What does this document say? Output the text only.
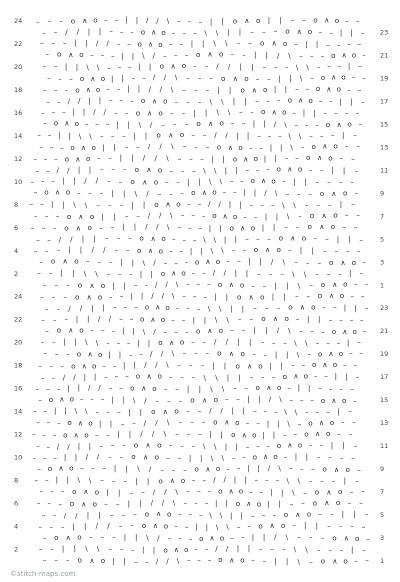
24
22
20
18
16
14
12
10
8
6
4
2
24
22
20
18
16
14
12
10
8
6
4
2
23
21
19
17
15
13
11
9
7
5
3
1
23
21
19
17
15
13
11
9
7
5
3
1
– – – o ∧ o – – | | / / \ – – – | | o ∧ o | | – – o ∧ o – –
– – / / | | – – – o ∧ o – – – \ \ | | – – – o ∧ o – – | | –
– – – | | / / – – o ∧ o – – | | \ \ – – o ∧ o – | | – – – –
– o ∧ o – – – | | \ / – – – o ∧ o – – | | / \ – – – o ∧ o –
– – | | \ \ – – – | | o ∧ o – – / / | | – – – \ \ – – – | –
– – – o ∧ o | | – – / / \ – – – o ∧ o – – | | \ – o ∧ o – –
– – – o ∧ o – – | | / / \ – – – | | o ∧ o | | – – o ∧ o – –
– – / / | | – – – o ∧ o – – – \ \ | | – – – o ∧ o – – | | –
– – – | | / / – – o ∧ o – – | | \ \ – – o ∧ o – | | – – – –
– o ∧ o – – – | | \ / – – – o ∧ o – – | | / \ – – – o ∧ o –
– – | | \ \ – – – | | o ∧ o – – / / | | – – – \ \ – – – | –
– – – o ∧ o | | – – / / \ – – – o ∧ o – – | | \ – o ∧ o – –
– – – o ∧ o – – | | / / \ – – – | | o ∧ o | | – – o ∧ o – –
– – / / | | – – – o ∧ o – – – \ \ | | – – – o ∧ o – – | | –
– – – | | / / – – o ∧ o – – | | \ \ – – o ∧ o – | | – – – –
– o ∧ o – – – | | \ / – – – o ∧ o – – | | / \ – – – o ∧ o –
– – | | \ \ – – – | | o ∧ o – – / / | | – – – \ \ – – – | –
– – – o ∧ o | | – – / / \ – – – o ∧ o – – | | \ – o ∧ o – –
– – – o ∧ o – – | | / / \ – – – | | o ∧ o | | – – o ∧ o – –
– – / / | | – – – o ∧ o – – – \ \ | | – – – o ∧ o – – | | –
– – – | | / / – – o ∧ o – – | | \ \ – – o ∧ o – | | – – – –
– o ∧ o – – – | | \ / – – – o ∧ o – – | | / \ – – – o ∧ o –
– – | | \ \ – – – | | o ∧ o – – / / | | – – – \ \ – – – | –
– – – o ∧ o | | – – / / \ – – – o ∧ o – – | | \ – o ∧ o – –
– – – o ∧ o – – | | / / \ – – – | | o ∧ o | | – – o ∧ o – –
– – / / | | – – – o ∧ o – – – \ \ | | – – – o ∧ o – – | | –
– – – | | / / – – o ∧ o – – | | \ \ – – o ∧ o – | | – – – –
– o ∧ o – – – | | \ / – – – o ∧ o – – | | / \ – – – o ∧ o –
– – | | \ \ – – – | | o ∧ o – – / / | | – – – \ \ – – – | –
– – – o ∧ o | | – – / / \ – – – o ∧ o – – | | \ – o ∧ o – –
– – – o ∧ o – – | | / / \ – – – | | o ∧ o | | – – o ∧ o – –
– – / / | | – – – o ∧ o – – – \ \ | | – – – o ∧ o – – | | –
– – – | | / / – – o ∧ o – – | | \ \ – – o ∧ o – | | – – – –
– o ∧ o – – – | | \ / – – – o ∧ o – – | | / \ – – – o ∧ o –
– – | | \ \ – – – | | o ∧ o – – / / | | – – – \ \ – – – | –
– – – o ∧ o | | – – / / \ – – – o ∧ o – – | | \ – o ∧ o – –
– – – o ∧ o – – | | / / \ – – – | | o ∧ o | | – – o ∧ o – –
– – / / | | – – – o ∧ o – – – \ \ | | – – – o ∧ o – – | | –
– – – | | / / – – o ∧ o – – | | \ \ – – o ∧ o – | | – – – –
– o ∧ o – – – | | \ / – – – o ∧ o – – | | / \ – – – o ∧ o –
– – | | \ \ – – – | | o ∧ o – – / / | | – – – \ \ – – – | –
– – – o ∧ o | | – – / / \ – – – o ∧ o – – | | \ – o ∧ o – –
– – – o ∧ o – – | | / / \ – – – | | o ∧ o | | – – o ∧ o – –
– – / / | | – – – o ∧ o – – – \ \ | | – – – o ∧ o – – | | –
– – – | | / / – – o ∧ o – – | | \ \ – – o ∧ o – | | – – – –
– o ∧ o – – – | | \ / – – – o ∧ o – – | | / \ – – – o ∧ o –
– – | | \ \ – – – | | o ∧ o – – / / | | – – – \ \ – – – | –
– – – o ∧ o | | – – / / \ – – – o ∧ o – – | | \ – o ∧ o – –
©stitch-maps.com
